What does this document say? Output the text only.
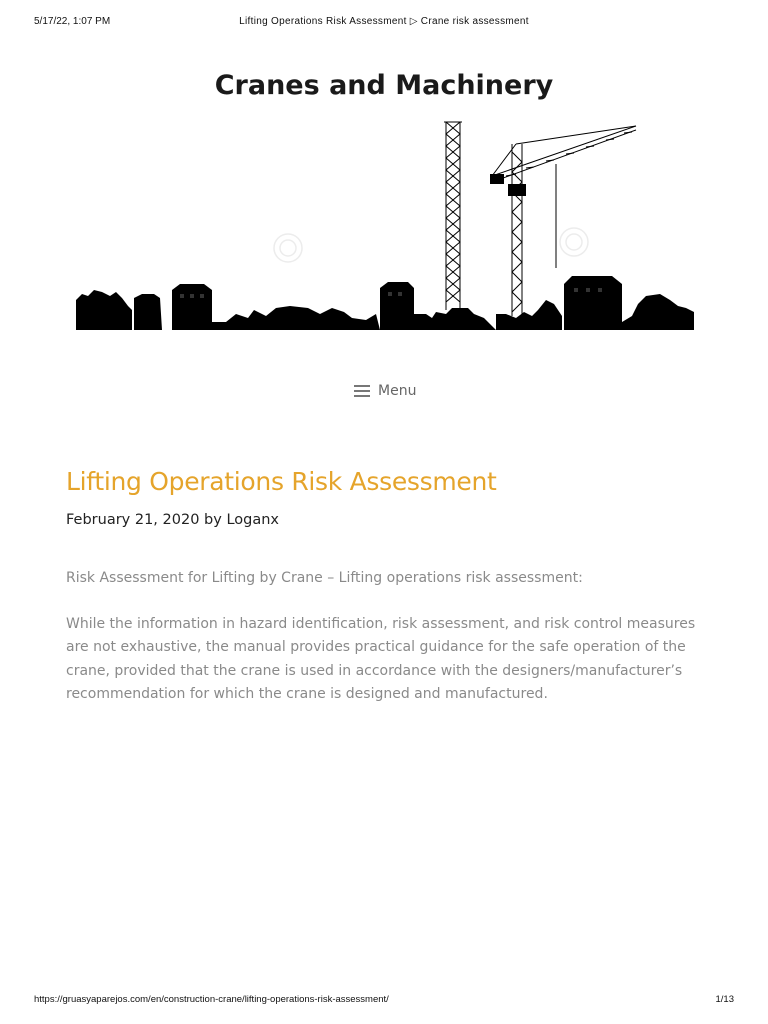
5/17/22, 1:07 PM	Lifting Operations Risk Assessment ▷ Crane risk assessment
Cranes and Machinery
Menu
Lifting Operations Risk Assessment

February 21, 2020 by Loganx

Risk Assessment for Lifting by Crane – Lifting operations risk assessment:

While the information in hazard identification, risk assessment, and risk control measures are not exhaustive, the manual provides practical guidance for the safe operation of the crane, provided that the crane is used in accordance with the designers/manufacturer’s recommendation for which the crane is designed and manufactured.

https://gruasyaparejos.com/en/construction-crane/lifting-operations-risk-assessment/	1/13
